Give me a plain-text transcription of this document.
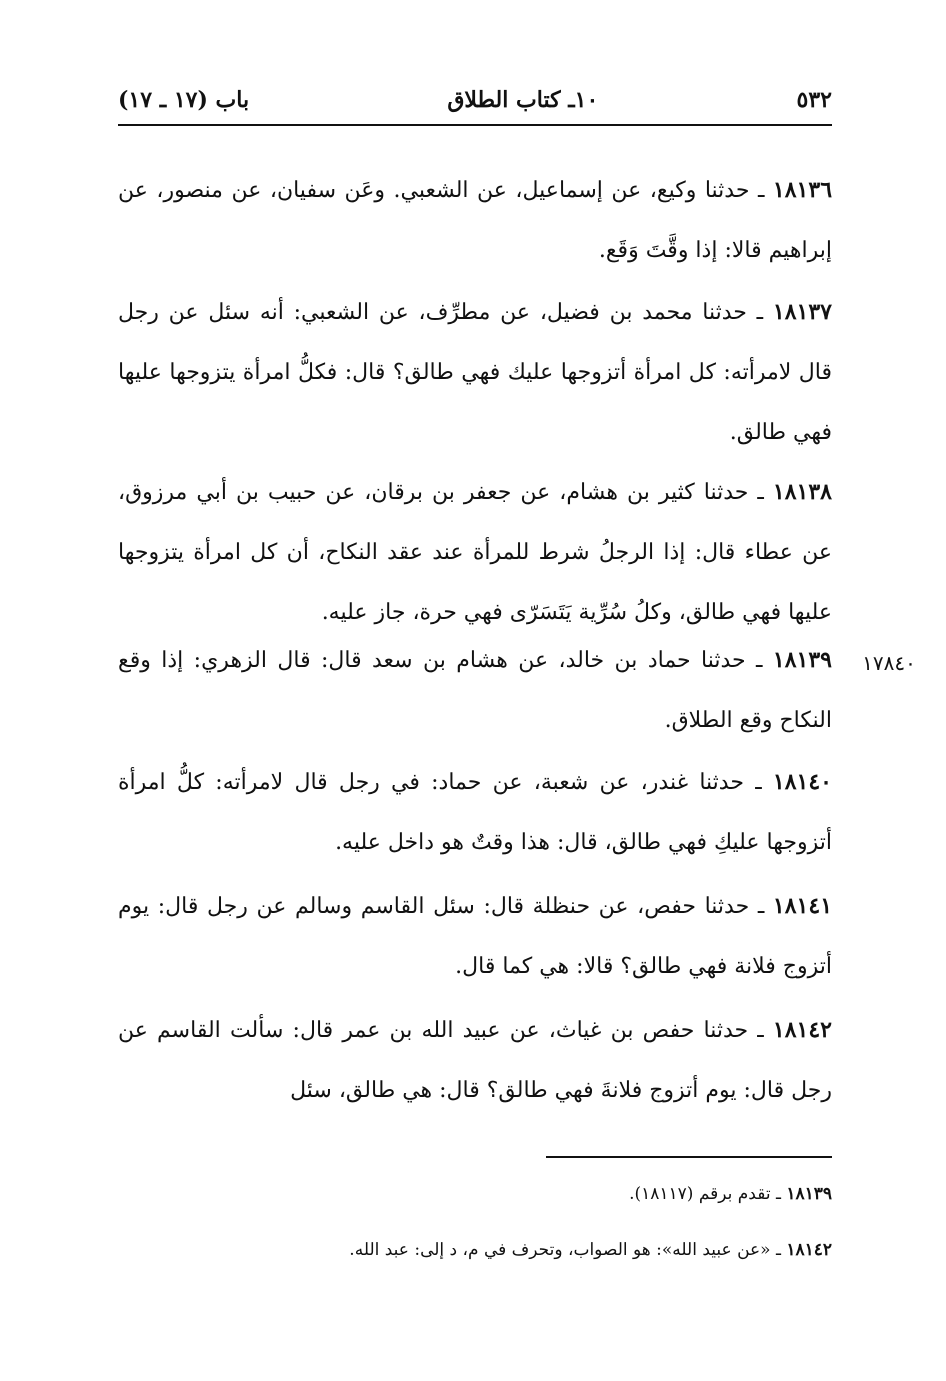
٥٣٢
١٠ـ كتاب الطلاق
باب (١٧ ـ ١٧)
١٨١٣٦ ـ حدثنا وكيع، عن إسماعيل، عن الشعبي. وعَن سفيان، عن منصور، عن إبراهيم قالا: إذا وقَّتَ وَقَع.
١٨١٣٧ ـ حدثنا محمد بن فضيل، عن مطرِّف، عن الشعبي: أنه سئل عن رجل قال لامرأته: كل امرأة أتزوجها عليك فهي طالق؟ قال: فكلُّ امرأة يتزوجها عليها فهي طالق.
١٨١٣٨ ـ حدثنا كثير بن هشام، عن جعفر بن برقان، عن حبيب بن أبي مرزوق، عن عطاء قال: إذا الرجلُ شرط للمرأة عند عقد النكاح، أن كل امرأة يتزوجها عليها فهي طالق، وكلُ سُرِّية يَتَسَرّى فهي حرة، جاز عليه.
١٨١٣٩ ـ حدثنا حماد بن خالد، عن هشام بن سعد قال: قال الزهري: إذا وقع النكاح وقع الطلاق.
١٧٨٤٠
١٨١٤٠ ـ حدثنا غندر، عن شعبة، عن حماد: في رجل قال لامرأته: كلُّ امرأة أتزوجها عليكِ فهي طالق، قال: هذا وقتٌ هو داخل عليه.
١٨١٤١ ـ حدثنا حفص، عن حنظلة قال: سئل القاسم وسالم عن رجل قال: يوم أتزوج فلانة فهي طالق؟ قالا: هي كما قال.
١٨١٤٢ ـ حدثنا حفص بن غياث، عن عبيد الله بن عمر قال: سألت القاسم عن رجل قال: يوم أتزوج فلانةَ فهي طالق؟ قال: هي طالق، سئل
١٨١٣٩ ـ تقدم برقم (١٨١١٧).
١٨١٤٢ ـ «عن عبيد الله»: هو الصواب، وتحرف في م، د إلى: عبد الله.
